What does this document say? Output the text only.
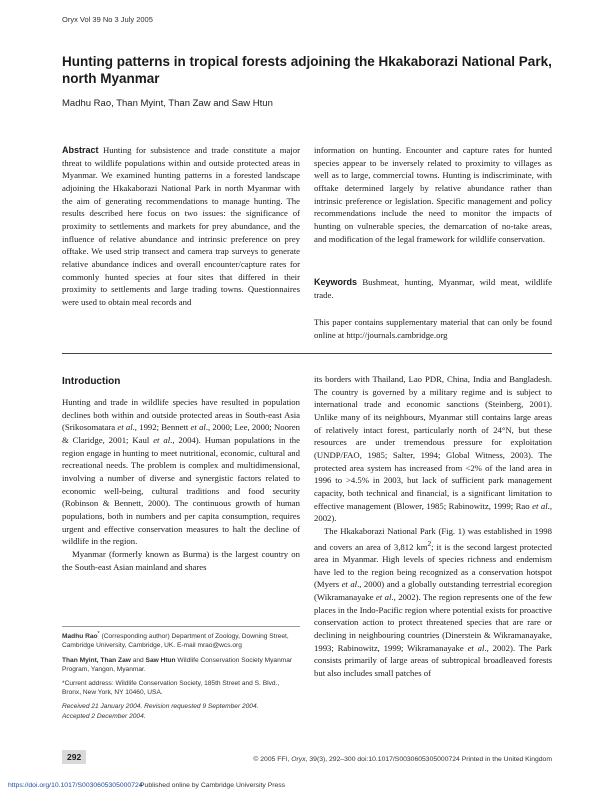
Oryx Vol 39 No 3 July 2005
Hunting patterns in tropical forests adjoining the Hkakaborazi National Park, north Myanmar
Madhu Rao, Than Myint, Than Zaw and Saw Htun

Abstract Hunting for subsistence and trade constitute a major threat to wildlife populations within and outside protected areas in Myanmar. We examined hunting patterns in a forested landscape adjoining the Hkakaborazi National Park in north Myanmar with the aim of generating recommendations to manage hunting. The results described here focus on two issues: the significance of proximity to settlements and markets for prey abundance, and the influence of relative abundance and intrinsic preference on prey offtake. We used strip transect and camera trap surveys to generate relative abundance indices and overall encounter/capture rates for commonly hunted species at four sites that differed in their proximity to settlements and large trading towns. Questionnaires were used to obtain meal records and

information on hunting. Encounter and capture rates for hunted species appear to be inversely related to proximity to villages as well as to large, commercial towns. Hunting is indiscriminate, with offtake determined largely by relative abundance rather than intrinsic preference or legislation. Specific management and policy recommendations include the need to monitor the impacts of hunting on vulnerable species, the demarcation of no-take areas, and modification of the legal framework for wildlife conservation.

Keywords Bushmeat, hunting, Myanmar, wild meat, wildlife trade.

This paper contains supplementary material that can only be found online at http://journals.cambridge.org

Introduction

Hunting and trade in wildlife species have resulted in population declines both within and outside protected areas in South-east Asia (Srikosomatara et al., 1992; Bennett et al., 2000; Lee, 2000; Nooren & Claridge, 2001; Kaul et al., 2004). Human populations in the region engage in hunting to meet nutritional, economic, cultural and recreational needs. The problem is complex and multidimensional, involving a number of diverse and synergistic factors related to economic well-being, cultural traditions and food security (Robinson & Bennett, 2000). The continuous growth of human populations, both in numbers and per capita consumption, requires urgent and effective conservation measures to halt the decline of wildlife in the region.

Myanmar (formerly known as Burma) is the largest country on the South-east Asian mainland and shares

its borders with Thailand, Lao PDR, China, India and Bangladesh. The country is governed by a military regime and is subject to international trade and economic sanctions (Steinberg, 2001). Unlike many of its neighbours, Myanmar still contains large areas of relatively intact forest, particularly north of 24°N, but these resources are under tremendous pressure for exploitation (UNDP/FAO, 1985; Salter, 1994; Global Witness, 2003). The protected area system has increased from <2% of the land area in 1996 to >4.5% in 2003, but lack of sufficient park management capacity, both technical and financial, is a significant limitation to effective management (Blower, 1985; Rabinowitz, 1999; Rao et al., 2002).

The Hkakaborazi National Park (Fig. 1) was established in 1998 and covers an area of 3,812 $km^2$; it is the second largest protected area in Myanmar. High levels of species richness and endemism have led to the region being recognized as a conservation hotspot (Myers et al., 2000) and a globally outstanding terrestrial ecoregion (Wikramanayake et al., 2002). The region represents one of the few places in the Indo-Pacific region where potential exists for proactive conservation action to protect threatened species that are rare or declining in neighbouring countries (Dinerstein & Wikramanayake, 1993; Rabinowitz, 1999; Wikramanayake et al., 2002). The Park consists primarily of large areas of subtropical broadleaved forests but also includes small patches of

Madhu Rao* (Corresponding author) Department of Zoology, Downing Street, Cambridge University, Cambridge, UK. E-mail mrao@wcs.org

Than Myint, Than Zaw and Saw Htun Wildlife Conservation Society Myanmar Program, Yangon, Myanmar.

*Current address: Wildlife Conservation Society, 185th Street and S. Blvd., Bronx, New York, NY 10460, USA.

Received 21 January 2004. Revision requested 9 September 2004.

Accepted 2 December 2004.

292	© 2005 FFI, Oryx, 39(3), 292–300 doi:10.1017/S0030605305000724 Printed in the United Kingdom
https://doi.org/10.1017/S0030605305000724
Published online by Cambridge University Press
